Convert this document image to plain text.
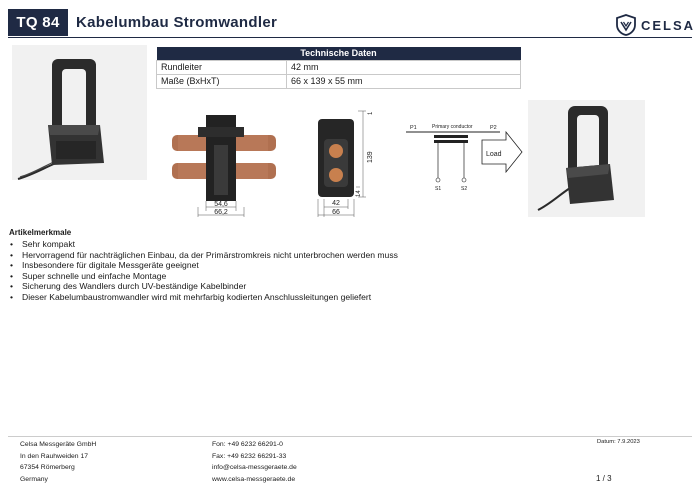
TQ 84	Kabelumbau Stromwandler	CELSA
Technische Daten	
Rundleiter	42 mm
Maße (BxHxT)	66 x 139 x 55 mm
54,6
66,2
1
139
14
42
66
P1	Primary conductor	P2
S1	S2
Load
Artikelmerkmale
• Sehr kompakt
• Hervorragend für nachträglichen Einbau, da der Primärstromkreis nicht unterbrochen werden muss
• Insbesondere für digitale Messgeräte geeignet
• Super schnelle und einfache Montage
• Sicherung des Wandlers durch UV-beständige Kabelbinder
• Dieser Kabelumbaustromwandler wird mit mehrfarbig kodierten Anschlussleitungen geliefert
Celsa Messgeräte GmbH
In den Rauhweiden 17
67354 Römerberg
Germany
Fon: +49 6232 66291-0
Fax: +49 6232 66291-33
info@celsa-messgeraete.de
www.celsa-messgeraete.de
Datum: 7.9.2023
1 / 3
